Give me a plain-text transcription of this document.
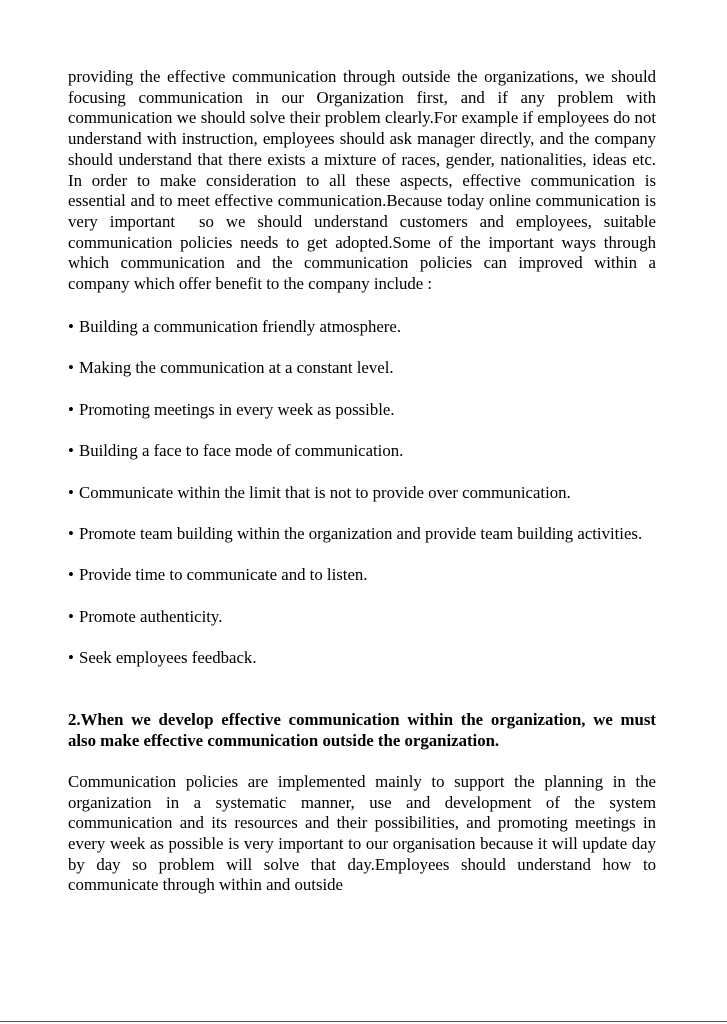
providing the effective communication through outside the organizations, we should focusing communication in our Organization first, and if any problem with communication we should solve their problem clearly.For example if employees do not understand with instruction, employees should ask manager directly, and the company should understand that there exists a mixture of races, gender, nationalities, ideas etc. In order to make consideration to all these aspects, effective communication is essential and to meet effective communication.Because today online communication is very important  so we should understand customers and employees, suitable communication policies needs to get adopted.Some of the important ways through which communication and the communication policies can improved within a company which offer benefit to the company include :

• Building a communication friendly atmosphere.
• Making the communication at a constant level.
• Promoting meetings in every week as possible.
• Building a face to face mode of communication.
• Communicate within the limit that is not to provide over communication.
• Promote team building within the organization and provide team building activities.
• Provide time to communicate and to listen.
• Promote authenticity.
• Seek employees feedback.

2.When we develop effective communication within the organization, we must also make effective communication outside the organization.

Communication policies are implemented mainly to support the planning in the organization in a systematic manner, use and development of the system communication and its resources and their possibilities, and promoting meetings in every week as possible is very important to our organisation because it will update day by day so problem will solve that day.Employees should understand how to communicate through within and outside
